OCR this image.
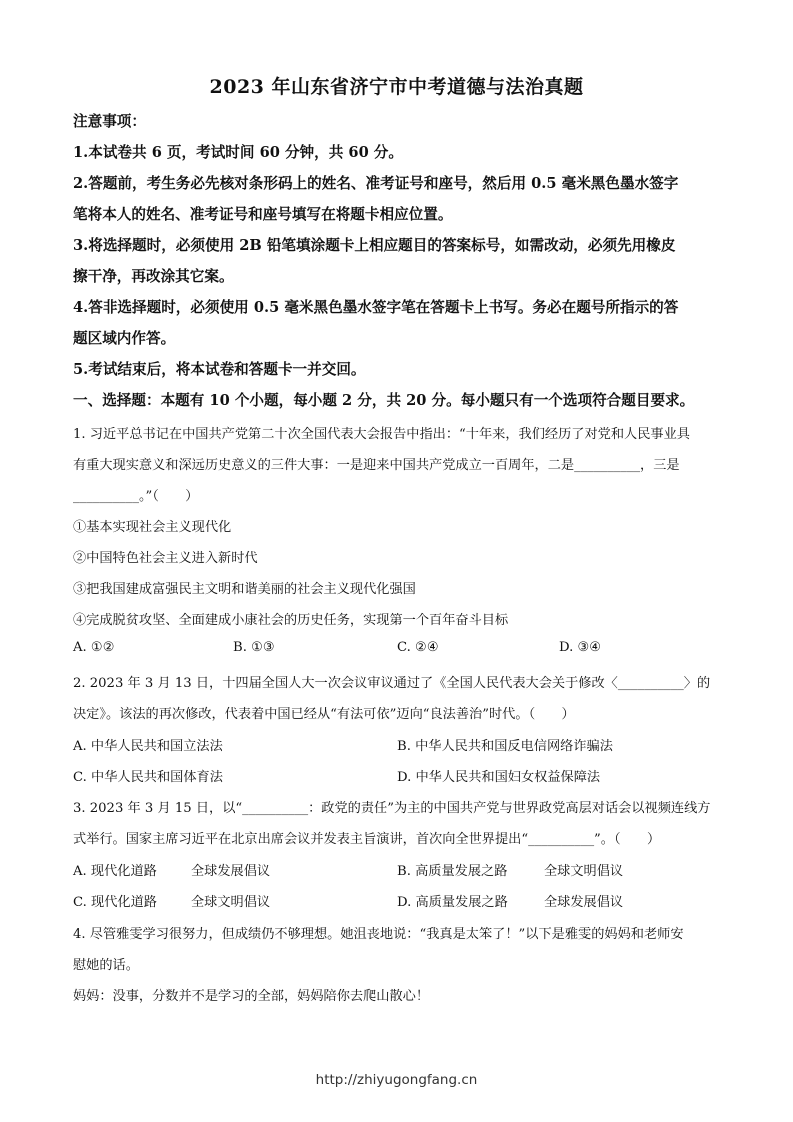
2023 年山东省济宁市中考道德与法治真题
注意事项：
1.本试卷共 6 页，考试时间 60 分钟，共 60 分。
2.答题前，考生务必先核对条形码上的姓名、准考证号和座号，然后用 0.5 毫米黑色墨水签字
笔将本人的姓名、准考证号和座号填写在将题卡相应位置。
3.将选择题时，必须使用 2B 铅笔填涂题卡上相应题目的答案标号，如需改动，必须先用橡皮
擦干净，再改涂其它案。
4.答非选择题时，必须使用 0.5 毫米黑色墨水签字笔在答题卡上书写。务必在题号所指示的答
题区域内作答。
5.考试结束后，将本试卷和答题卡一并交回。
一、选择题：本题有 10 个小题，每小题 2 分，共 20 分。每小题只有一个选项符合题目要求。
1. 习近平总书记在中国共产党第二十次全国代表大会报告中指出：“十年来，我们经历了对党和人民事业具
有重大现实意义和深远历史意义的三件大事：一是迎来中国共产党成立一百周年，二是__________，三是
__________。”（　　）
①基本实现社会主义现代化
②中国特色社会主义进入新时代
③把我国建成富强民主文明和谐美丽的社会主义现代化强国
④完成脱贫攻坚、全面建成小康社会的历史任务，实现第一个百年奋斗目标
A. ①②	B. ①③	C. ②④	D. ③④
2. 2023 年 3 月 13 日，十四届全国人大一次会议审议通过了《全国人民代表大会关于修改〈__________〉的
决定》。该法的再次修改，代表着中国已经从“有法可依”迈向“良法善治”时代。（　　）
A. 中华人民共和国立法法	B. 中华人民共和国反电信网络诈骗法
C. 中华人民共和国体育法	D. 中华人民共和国妇女权益保障法
3. 2023 年 3 月 15 日，以“__________：政党的责任”为主的中国共产党与世界政党高层对话会以视频连线方
式举行。国家主席习近平在北京出席会议并发表主旨演讲，首次向全世界提出“__________”。（　　）
A. 现代化道路	全球发展倡议	B. 高质量发展之路	全球文明倡议
C. 现代化道路	全球文明倡议	D. 高质量发展之路	全球发展倡议
4. 尽管雅雯学习很努力，但成绩仍不够理想。她沮丧地说：“我真是太笨了！”以下是雅雯的妈妈和老师安
慰她的话。
妈妈：没事，分数并不是学习的全部，妈妈陪你去爬山散心！
http://zhiyugongfang.cn
